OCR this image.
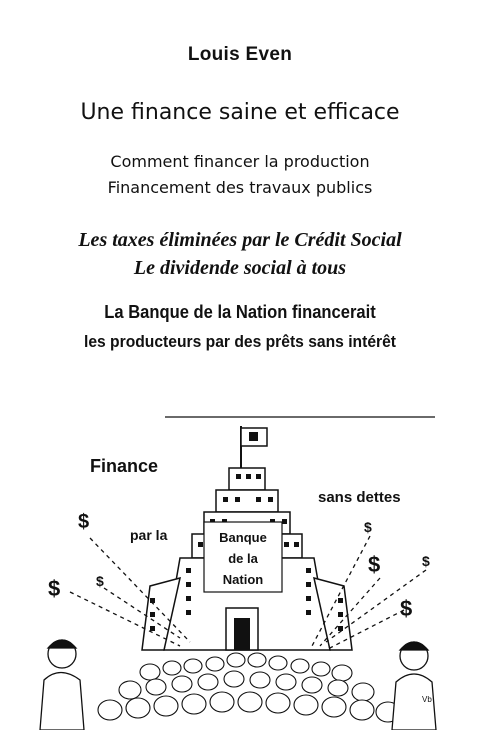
Louis Even
Une finance saine et efficace
Comment financer la production
Financement des travaux publics
Les taxes éliminées par le Crédit Social
Le dividende social à tous
La Banque de la Nation financerait
les producteurs par des prêts sans intérêt
Banque
de la
Nation
Finance
par la
sans dettes
$
$	$
$
$	$
$
Vb
